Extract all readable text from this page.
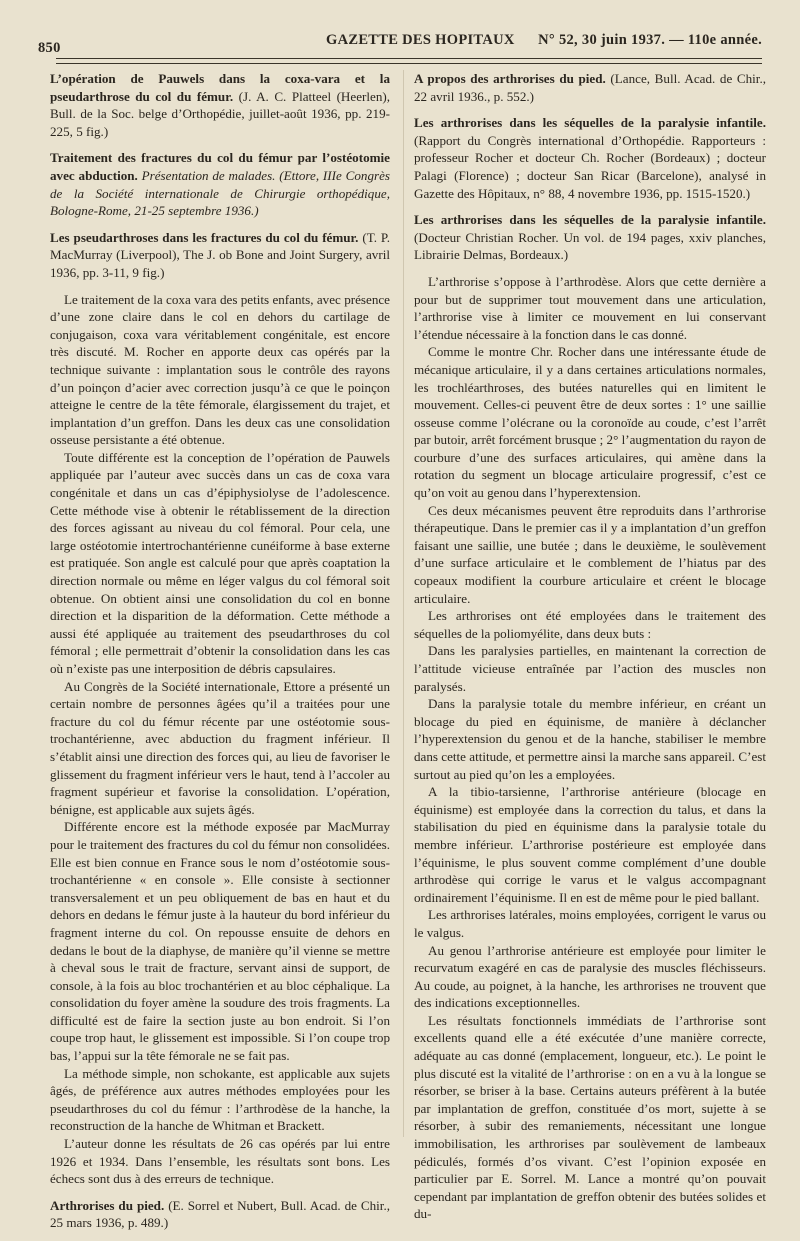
850	GAZETTE DES HOPITAUX N° 52, 30 juin 1937. — 110e année.

L’opération de Pauwels dans la coxa-vara et la pseudarthrose du col du fémur. (J. A. C. Platteel (Heerlen), Bull. de la Soc. belge d’Orthopédie, juillet-août 1936, pp. 219-225, 5 fig.)

Traitement des fractures du col du fémur par l’ostéotomie avec abduction. Présentation de malades. (Ettore, IIIe Congrès de la Société internationale de Chirurgie orthopédique, Bologne-Rome, 21-25 septembre 1936.)

Les pseudarthroses dans les fractures du col du fémur. (T. P. MacMurray (Liverpool), The J. ob Bone and Joint Surgery, avril 1936, pp. 3-11, 9 fig.)

Le traitement de la coxa vara des petits enfants, avec présence d’une zone claire dans le col en dehors du cartilage de conjugaison, coxa vara véritablement congénitale, est encore très discuté. M. Rocher en apporte deux cas opérés par la technique suivante : implantation sous le contrôle des rayons d’un poinçon d’acier avec correction jusqu’à ce que le poinçon atteigne le centre de la tête fémorale, élargissement du trajet, et implantation d’un greffon. Dans les deux cas une consolidation osseuse persistante a été obtenue.

Toute différente est la conception de l’opération de Pauwels appliquée par l’auteur avec succès dans un cas de coxa vara congénitale et dans un cas d’épiphysiolyse de l’adolescence. Cette méthode vise à obtenir le rétablissement de la direction des forces agissant au niveau du col fémoral. Pour cela, une large ostéotomie intertrochantérienne cunéiforme à base externe est pratiquée. Son angle est calculé pour que après coaptation la direction normale ou même en léger valgus du col fémoral soit obtenue. On obtient ainsi une consolidation du col en bonne direction et la disparition de la déformation. Cette méthode a aussi été appliquée au traitement des pseudarthroses du col fémoral ; elle permettrait d’obtenir la consolidation dans les cas où n’existe pas une interposition de débris capsulaires.

Au Congrès de la Société internationale, Ettore a présenté un certain nombre de personnes âgées qu’il a traitées pour une fracture du col du fémur récente par une ostéotomie sous-trochantérienne, avec abduction du fragment inférieur. Il s’établit ainsi une direction des forces qui, au lieu de favoriser le glissement du fragment inférieur vers le haut, tend à l’accoler au fragment supérieur et favorise la consolidation. L’opération, bénigne, est applicable aux sujets âgés.

Différente encore est la méthode exposée par MacMurray pour le traitement des fractures du col du fémur non consolidées. Elle est bien connue en France sous le nom d’ostéotomie sous-trochantérienne « en console ». Elle consiste à sectionner transversalement et un peu obliquement de bas en haut et du dehors en dedans le fémur juste à la hauteur du bord inférieur du fragment interne du col. On repousse ensuite de dehors en dedans le bout de la diaphyse, de manière qu’il vienne se mettre à cheval sous le trait de fracture, servant ainsi de support, de console, à la fois au bloc trochantérien et au bloc céphalique. La consolidation du foyer amène la soudure des trois fragments. La difficulté est de faire la section juste au bon endroit. Si l’on coupe trop haut, le glissement est impossible. Si l’on coupe trop bas, l’appui sur la tête fémorale ne se fait pas.

La méthode simple, non schokante, est applicable aux sujets âgés, de préférence aux autres méthodes employées pour les pseudarthroses du col du fémur : l’arthrodèse de la hanche, la reconstruction de la hanche de Whitman et Brackett.

L’auteur donne les résultats de 26 cas opérés par lui entre 1926 et 1934. Dans l’ensemble, les résultats sont bons. Les échecs sont dus à des erreurs de technique.

Arthrorises du pied. (E. Sorrel et Nubert, Bull. Acad. de Chir., 25 mars 1936, p. 489.)

A propos des arthrorises du pied. (Lance, Bull. Acad. de Chir., 22 avril 1936., p. 552.)

Les arthrorises dans les séquelles de la paralysie infantile. (Rapport du Congrès international d’Orthopédie. Rapporteurs : professeur Rocher et docteur Ch. Rocher (Bordeaux) ; docteur Palagi (Florence) ; docteur San Ricar (Barcelone), analysé in Gazette des Hôpitaux, n° 88, 4 novembre 1936, pp. 1515-1520.)

Les arthrorises dans les séquelles de la paralysie infantile. (Docteur Christian Rocher. Un vol. de 194 pages, xxiv planches, Librairie Delmas, Bordeaux.)

L’arthrorise s’oppose à l’arthrodèse. Alors que cette dernière a pour but de supprimer tout mouvement dans une articulation, l’arthrorise vise à limiter ce mouvement en lui conservant l’étendue nécessaire à la fonction dans le cas donné.

Comme le montre Chr. Rocher dans une intéressante étude de mécanique articulaire, il y a dans certaines articulations normales, les trochléarthroses, des butées naturelles qui en limitent le mouvement. Celles-ci peuvent être de deux sortes : 1° une saillie osseuse comme l’olécrane ou la coronoïde au coude, c’est l’arrêt par butoir, arrêt forcément brusque ; 2° l’augmentation du rayon de courbure d’une des surfaces articulaires, qui amène dans la rotation du segment un blocage articulaire progressif, c’est ce qu’on voit au genou dans l’hyperextension.

Ces deux mécanismes peuvent être reproduits dans l’arthrorise thérapeutique. Dans le premier cas il y a implantation d’un greffon faisant une saillie, une butée ; dans le deuxième, le soulèvement d’une surface articulaire et le comblement de l’hiatus par des copeaux modifient la courbure articulaire et créent le blocage articulaire.

Les arthrorises ont été employées dans le traitement des séquelles de la poliomyélite, dans deux buts :

Dans les paralysies partielles, en maintenant la correction de l’attitude vicieuse entraînée par l’action des muscles non paralysés.

Dans la paralysie totale du membre inférieur, en créant un blocage du pied en équinisme, de manière à déclancher l’hyperextension du genou et de la hanche, stabiliser le membre dans cette attitude, et permettre ainsi la marche sans appareil. C’est surtout au pied qu’on les a employées.

A la tibio-tarsienne, l’arthrorise antérieure (blocage en équinisme) est employée dans la correction du talus, et dans la stabilisation du pied en équinisme dans la paralysie totale du membre inférieur. L’arthrorise postérieure est employée dans l’équinisme, le plus souvent comme complément d’une double arthrodèse qui corrige le varus et le valgus accompagnant ordinairement l’équinisme. Il en est de même pour le pied ballant.

Les arthrorises latérales, moins employées, corrigent le varus ou le valgus.

Au genou l’arthrorise antérieure est employée pour limiter le recurvatum exagéré en cas de paralysie des muscles fléchisseurs. Au coude, au poignet, à la hanche, les arthrorises ne trouvent que des indications exceptionnelles.

Les résultats fonctionnels immédiats de l’arthrorise sont excellents quand elle a été exécutée d’une manière correcte, adéquate au cas donné (emplacement, longueur, etc.). Le point le plus discuté est la vitalité de l’arthrorise : on en a vu à la longue se résorber, se briser à la base. Certains auteurs préfèrent à la butée par implantation de greffon, constituée d’os mort, sujette à se résorber, à subir des remaniements, nécessitant une longue immobilisation, les arthrorises par soulèvement de lambeaux pédiculés, formés d’os vivant. C’est l’opinion exposée en particulier par E. Sorrel. M. Lance a montré qu’on pouvait cependant par implantation de greffon obtenir des butées solides et du-
